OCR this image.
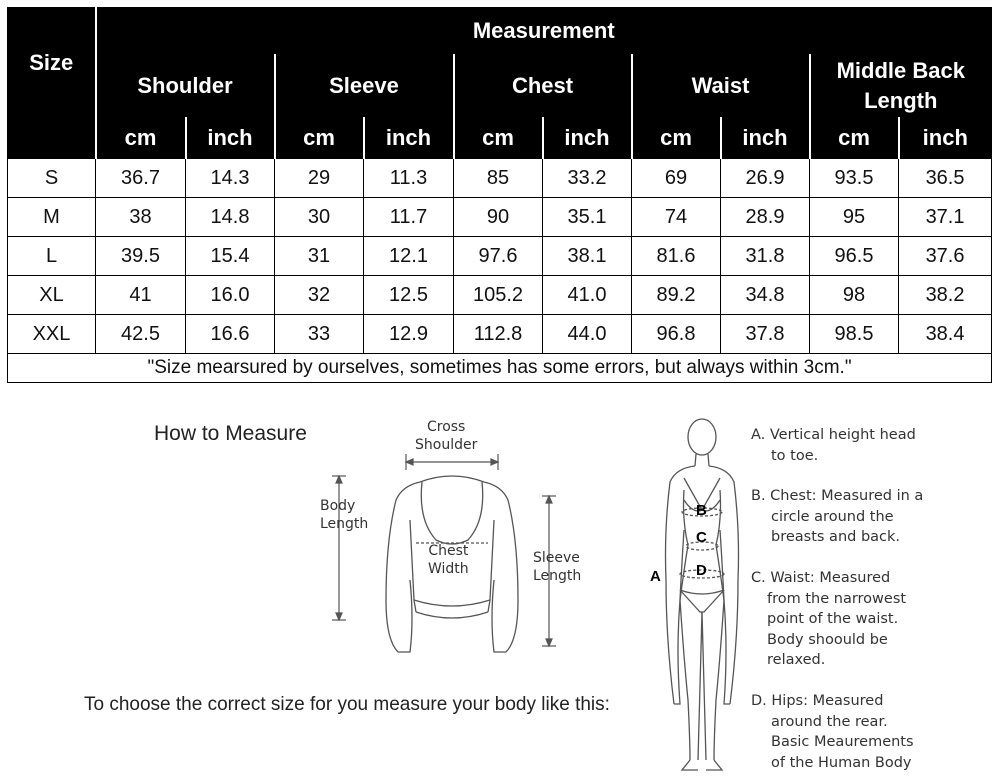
Size	Measurement									
	Shoulder		Sleeve		Chest		Waist		Middle Back
Length	

	cm	inch	cm	inch	cm	inch	cm	inch	cm	inch
S	36.7	14.3	29	11.3	85	33.2	69	26.9	93.5	36.5
M	38	14.8	30	11.7	90	35.1	74	28.9	95	37.1
L	39.5	15.4	31	12.1	97.6	38.1	81.6	31.8	96.5	37.6
XL	41	16.0	32	12.5	105.2	41.0	89.2	34.8	98	38.2
XXL	42.5	16.6	33	12.9	112.8	44.0	96.8	37.8	98.5	38.4
"Size mearsured by ourselves, sometimes has some errors, but always within 3cm."										
How to Measure
To choose the correct size for you measure your body like this:
Cross
Shoulder
Body
Length
Chest
Width
Sleeve
Length	A
B
C
D
A. Vertical height head
to toe.
B. Chest: Measured in a
circle around the
breasts and back.
C. Waist: Measured
from the narrowest
point of the waist.
Body shoould be
relaxed.
D. Hips: Measured
around the rear.
Basic Meaurements
of the Human Body
